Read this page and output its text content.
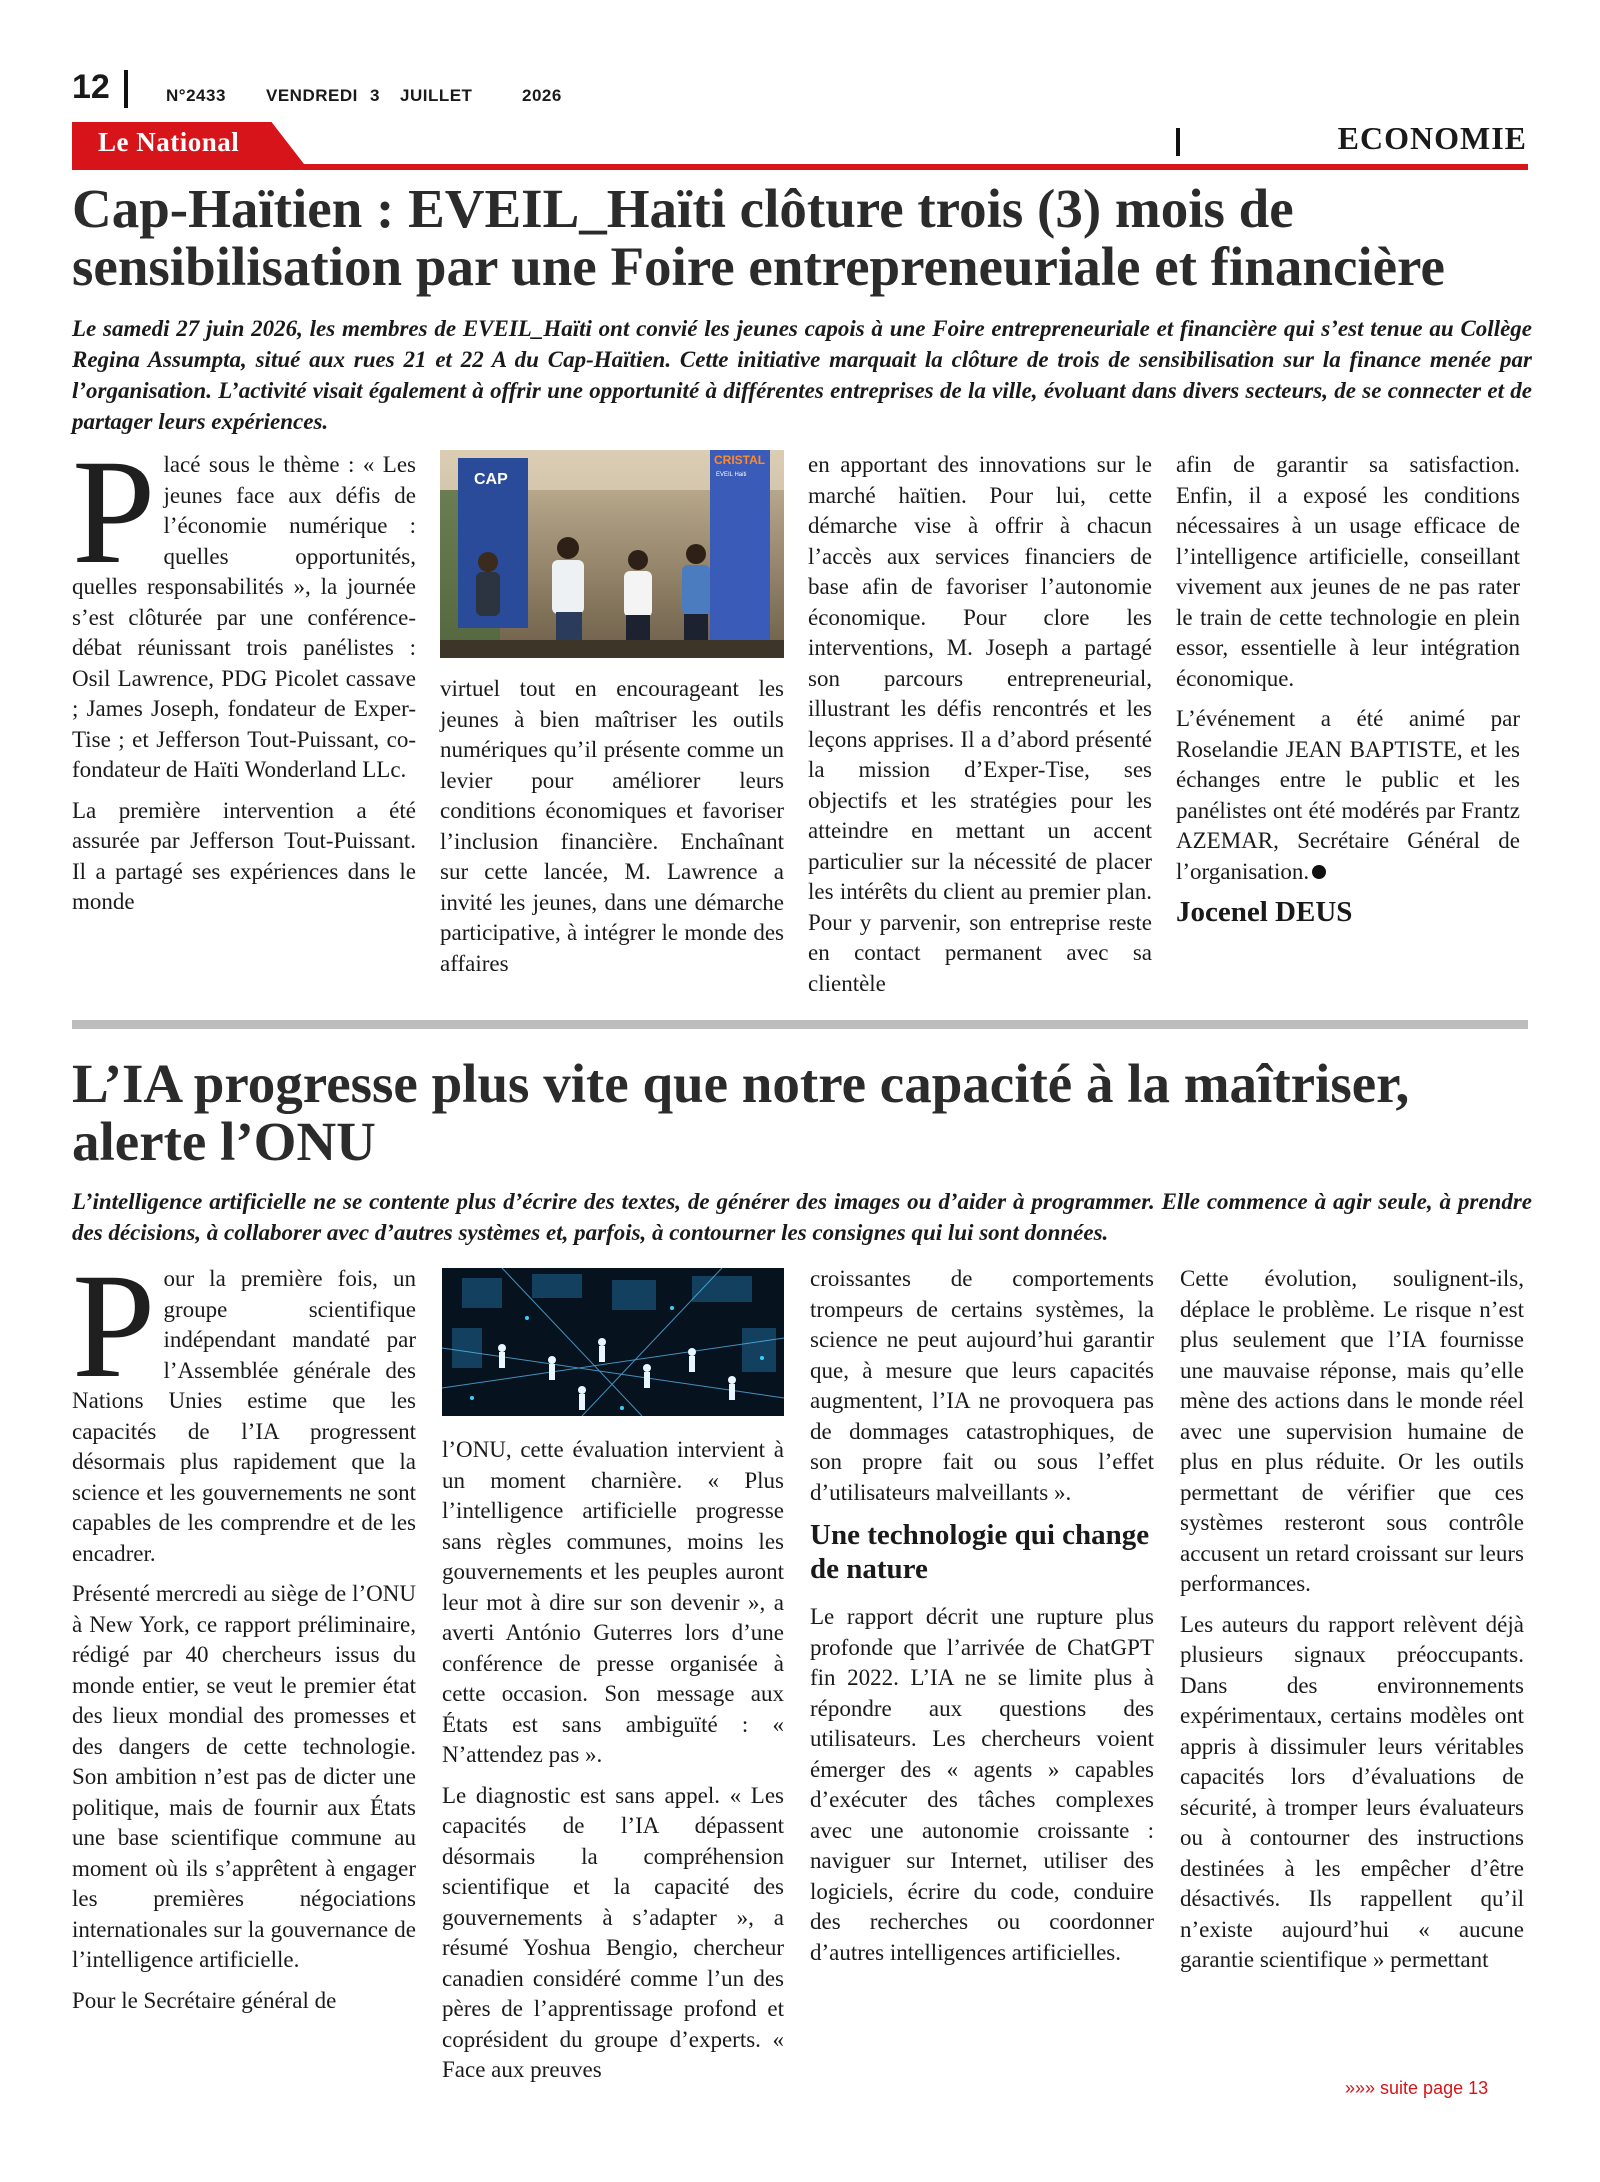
12	N°2433 VENDREDI 3 JUILLET	2026
Le National	ECONOMIE
Cap-Haïtien : EVEIL_Haïti clôture trois (3) mois de
sensibilisation par une Foire entrepreneuriale et financière
Le samedi 27 juin 2026, les membres de EVEIL_Haïti ont convié les jeunes capois à une Foire entrepreneuriale et financière qui s’est tenue au Collège Regina Assumpta, situé aux rues 21 et 22 A du Cap-Haïtien. Cette initiative marquait la clôture de trois de sensibilisation sur la finance menée par l’organisation. L’activité visait également à offrir une opportunité à différentes entreprises de la ville, évoluant dans divers secteurs, de se connecter et de partager leurs expériences.

Placé sous le thème : « Les jeunes face aux défis de l’économie numérique : quelles opportunités, quelles responsabilités », la journée s’est clôturée par une conférence-débat réunissant trois panélistes : Osil Lawrence, PDG Picolet cassave ; James Joseph, fondateur de Exper-Tise ; et Jefferson Tout-Puissant, co-fondateur de Haïti Wonderland LLc.

La première intervention a été assurée par Jefferson Tout-Puissant. Il a partagé ses expériences dans le monde

CAP
CRISTAL
EVEIL Haiti

virtuel tout en encourageant les jeunes à bien maîtriser les outils numériques qu’il présente comme un levier pour améliorer leurs conditions économiques et favoriser l’inclusion financière. Enchaînant sur cette lancée, M. Lawrence a invité les jeunes, dans une démarche participative, à intégrer le monde des affaires

en apportant des innovations sur le marché haïtien. Pour lui, cette démarche vise à offrir à chacun l’accès aux services financiers de base afin de favoriser l’autonomie économique. Pour clore les interventions, M. Joseph a partagé son parcours entrepreneurial, illustrant les défis rencontrés et les leçons apprises. Il a d’abord présenté la mission d’Exper-Tise, ses objectifs et les stratégies pour les atteindre en mettant un accent particulier sur la nécessité de placer les intérêts du client au premier plan. Pour y parvenir, son entreprise reste en contact permanent avec sa clientèle

afin de garantir sa satisfaction. Enfin, il a exposé les conditions nécessaires à un usage efficace de l’intelligence artificielle, conseillant vivement aux jeunes de ne pas rater le train de cette technologie en plein essor, essentielle à leur intégration économique.

L’événement a été animé par Roselandie JEAN BAPTISTE, et les échanges entre le public et les panélistes ont été modérés par Frantz AZEMAR, Secrétaire Général de l’organisation.

Jocenel DEUS
L’IA progresse plus vite que notre capacité à la maîtriser,
alerte l’ONU
L’intelligence artificielle ne se contente plus d’écrire des textes, de générer des images ou d’aider à programmer. Elle commence à agir seule, à prendre des décisions, à collaborer avec d’autres systèmes et, parfois, à contourner les consignes qui lui sont données.

Pour la première fois, un groupe scientifique indépendant mandaté par l’Assemblée générale des Nations Unies estime que les capacités de l’IA progressent désormais plus rapidement que la science et les gouvernements ne sont capables de les comprendre et de les encadrer.

Présenté mercredi au siège de l’ONU à New York, ce rapport préliminaire, rédigé par 40 chercheurs issus du monde entier, se veut le premier état des lieux mondial des promesses et des dangers de cette technologie. Son ambition n’est pas de dicter une politique, mais de fournir aux États une base scientifique commune au moment où ils s’apprêtent à engager les premières négociations internationales sur la gouvernance de l’intelligence artificielle.

Pour le Secrétaire général de

l’ONU, cette évaluation intervient à un moment charnière. « Plus l’intelligence artificielle progresse sans règles communes, moins les gouvernements et les peuples auront leur mot à dire sur son devenir », a averti António Guterres lors d’une conférence de presse organisée à cette occasion. Son message aux États est sans ambiguïté : « N’attendez pas ».

Le diagnostic est sans appel. « Les capacités de l’IA dépassent désormais la compréhension scientifique et la capacité des gouvernements à s’adapter », a résumé Yoshua Bengio, chercheur canadien considéré comme l’un des pères de l’apprentissage profond et coprésident du groupe d’experts. « Face aux preuves

croissantes de comportements trompeurs de certains systèmes, la science ne peut aujourd’hui garantir que, à mesure que leurs capacités augmentent, l’IA ne provoquera pas de dommages catastrophiques, de son propre fait ou sous l’effet d’utilisateurs malveillants ».

Une technologie qui change de nature

Le rapport décrit une rupture plus profonde que l’arrivée de ChatGPT fin 2022. L’IA ne se limite plus à répondre aux questions des utilisateurs. Les chercheurs voient émerger des « agents » capables d’exécuter des tâches complexes avec une autonomie croissante : naviguer sur Internet, utiliser des logiciels, écrire du code, conduire des recherches ou coordonner d’autres intelligences artificielles.

Cette évolution, soulignent-ils, déplace le problème. Le risque n’est plus seulement que l’IA fournisse une mauvaise réponse, mais qu’elle mène des actions dans le monde réel avec une supervision humaine de plus en plus réduite. Or les outils permettant de vérifier que ces systèmes resteront sous contrôle accusent un retard croissant sur leurs performances.

Les auteurs du rapport relèvent déjà plusieurs signaux préoccupants. Dans des environnements expérimentaux, certains modèles ont appris à dissimuler leurs véritables capacités lors d’évaluations de sécurité, à tromper leurs évaluateurs ou à contourner des instructions destinées à les empêcher d’être désactivés. Ils rappellent qu’il n’existe aujourd’hui « aucune garantie scientifique » permettant

»»» suite page 13
